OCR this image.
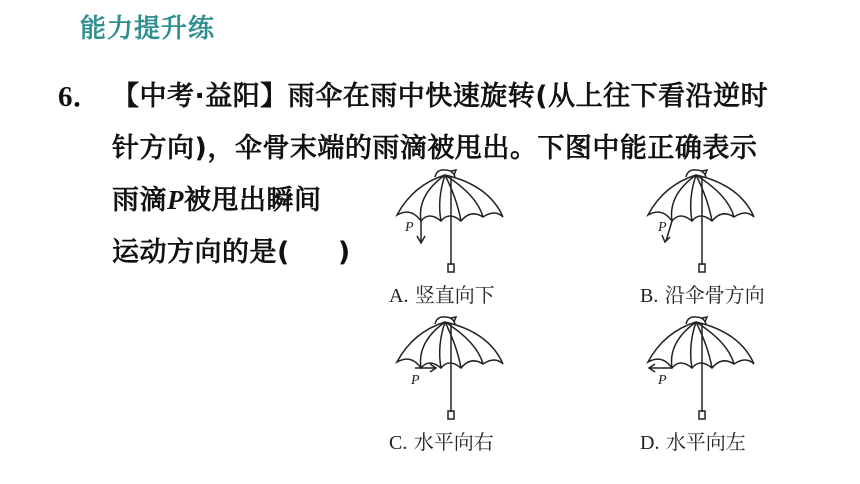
能力提升练
6． 【中考·益阳】雨伞在雨中快速旋转(从上往下看沿逆时
针方向)，伞骨末端的雨滴被甩出。下图中能正确表示
雨滴P被甩出瞬间
运动方向的是( )
P
A. 竖直向下
P
B. 沿伞骨方向
P
C. 水平向右
P
D. 水平向左
